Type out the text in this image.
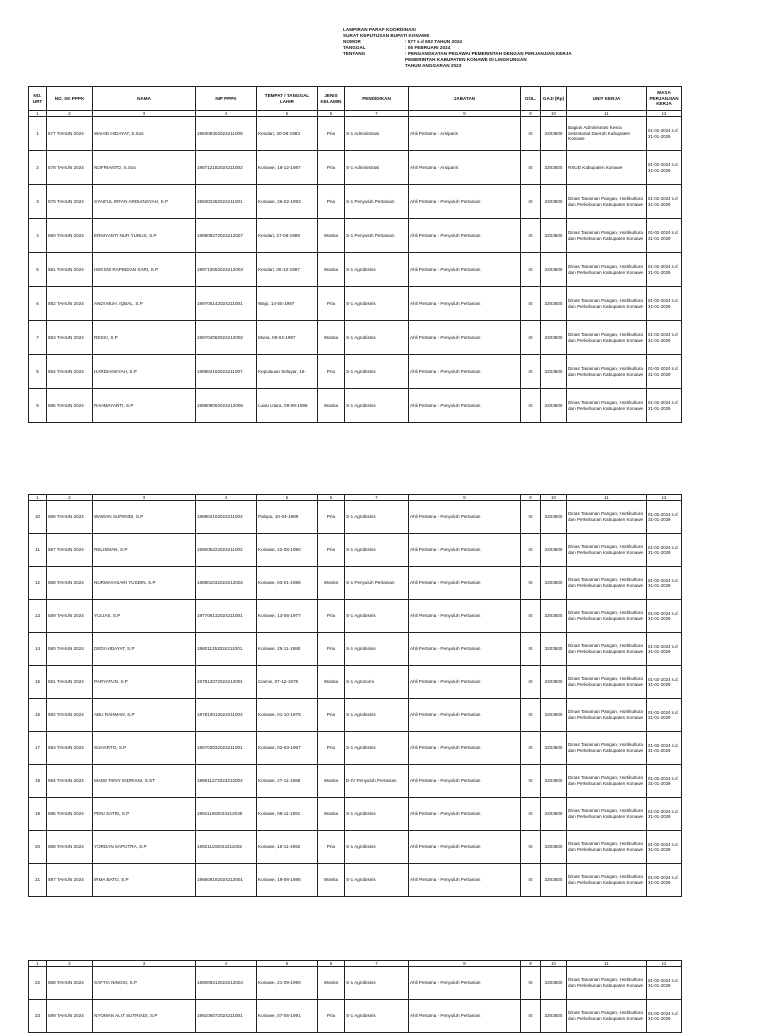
LAMPIRAN PARAF KOORDINASI
SURAT KEPUTUSAN BUPATI KONAWE
NOMOR	: 577 s.d 602 TAHUN 2024
TANGGAL	: 05 FEBRUARI 2024
TENTANG	: PENGANGKATAN PEGAWAI PEMERINTAH DENGAN PERJANJIAN KERJA
PEMERINTAH KABUPATEN KONAWE DI LINGKUNGAN
TAHUN ANGGARAN 2023
NO. URT	NO. SK PPPK	NAMA	NIP PPPK	TEMPAT / TANGGAL LAHIR	JENIS KELAMIN	PENDIDIKAN	JABATAN	GOL.	GAJI (Rp)	UNIT KERJA	MASA PERJANJIAN KERJA
1	2	3	4	5	6	7	8	9	10	11	12
1	577 TAHUN 2024	WAHID HIDAYAT, S.Sos	198308302024211008	Kendari, 30-08-1983	Pria	S-1 Administrasi	Ahli Pertama - Arsiparis	IX	3203600	Bagian Administrasi Kesra Sekretariat Daerah Kabupaten Konawe	01-02-2024 s.d 31-01-2029
2	578 TAHUN 2024	NOFRIANTO, S.Sos	198712182024211002	Konawe, 18-12-1987	Pria	S-1 Administrasi	Ahli Pertama - Arsiparis	IX	3203600	RSUD Kabupaten Konawe	01-02-2024 s.d 31-01-2029
3	579 TAHUN 2024	SYAIFUL IRFAN ARDIANSYAH, S.P	199302262024211001	Konawe, 26-02-1993	Pria	S-1 Penyuluh Pertanian	Ahli Pertama - Penyuluh Pertanian	IX	3203600	Dinas Tanaman Pangan, Hortikultura dan Perkebunan Kabupaten Konawe	01-02-2024 s.d 31-01-2029
4	580 TAHUN 2024	ERNIYANTI NUR YUNUS, S.P	198908272024212007	Kendari, 27-08-1989	Wanita	S-1 Penyuluh Pertanian	Ahli Pertama - Penyuluh Pertanian	IX	3203600	Dinas Tanaman Pangan, Hortikultura dan Perkebunan Kabupaten Konawe	01-02-2024 s.d 31-01-2029
5	581 TAHUN 2024	HEKSNI RAPINDAN SARI, S.P	199710062024212003	Kendari, 06-10-1997	Wanita	S-1 Agrobisnis	Ahli Pertama - Penyuluh Pertanian	IX	3203600	Dinas Tanaman Pangan, Hortikultura dan Perkebunan Kabupaten Konawe	01-02-2024 s.d 31-01-2029
6	582 TAHUN 2024	ANDI MUH. IQBAL, S.P	199705142024211001	Wajo, 14-05-1997	Pria	S-1 Agrobisnis	Ahli Pertama - Penyuluh Pertanian	IX	3203600	Dinas Tanaman Pangan, Hortikultura dan Perkebunan Kabupaten Konawe	01-02-2024 s.d 31-01-2029
7	583 TAHUN 2024	RESKI, S.P	199704092024212002	Muna, 09-04-1997	Wanita	S-1 Agrobisnis	Ahli Pertama - Penyuluh Pertanian	IX	3203600	Dinas Tanaman Pangan, Hortikultura dan Perkebunan Kabupaten Konawe	01-02-2024 s.d 31-01-2029
8	584 TAHUN 2024	HARDIANSYAH, S.P	198904162024211007	Kepulauan Selayar, 16-	Pria	S-1 Agrobisnis	Ahli Pertama - Penyuluh Pertanian	IX	3203600	Dinas Tanaman Pangan, Hortikultura dan Perkebunan Kabupaten Konawe	01-02-2024 s.d 31-01-2029
9	585 TAHUN 2024	RAHMAYANTI, S.P	199809092024212006	Luwu Utara, 09-09-1998	Wanita	S-1 Agrobisnis	Ahli Pertama - Penyuluh Pertanian	IX	3203600	Dinas Tanaman Pangan, Hortikultura dan Perkebunan Kabupaten Konawe	01-02-2024 s.d 31-01-2029
1	2	3	4	5	6	7	8	9	10	11	12
10	586 TAHUN 2024	WAWAN SUPENDI, S.P	198904102024211004	Palopo, 10-04-1989	Pria	S-1 Agrobisnis	Ahli Pertama - Penyuluh Pertanian	IX	3203600	Dinas Tanaman Pangan, Hortikultura dan Perkebunan Kabupaten Konawe	01-02-2024 s.d 31-01-2029
11	587 TAHUN 2024	RELISMAN, S.P	199006222024211002	Konawe, 22-06-1990	Pria	S-1 Agrobisnis	Ahli Pertama - Penyuluh Pertanian	IX	3203600	Dinas Tanaman Pangan, Hortikultura dan Perkebunan Kabupaten Konawe	01-02-2024 s.d 31-01-2029
12	588 TAHUN 2024	NURMAYASARI YUSDIN, S.P	198801032024212002	Konawe, 03-01-1988	Wanita	S-1 Penyuluh Pertanian	Ahli Pertama - Penyuluh Pertanian	IX	3203600	Dinas Tanaman Pangan, Hortikultura dan Perkebunan Kabupaten Konawe	01-02-2024 s.d 31-01-2029
13	589 TAHUN 2024	YULIAS, S.P	197706132024211001	Konawe, 13-06-1977	Pria	S-1 Agrobisnis	Ahli Pertama - Penyuluh Pertanian	IX	3203600	Dinas Tanaman Pangan, Hortikultura dan Perkebunan Kabupaten Konawe	01-02-2024 s.d 31-01-2029
14	590 TAHUN 2024	DEDI HIDAYAT, S.P	198011252024211001	Konawe, 25-11-1980	Pria	S-1 Agrobisnis	Ahli Pertama - Penyuluh Pertanian	IX	3203600	Dinas Tanaman Pangan, Hortikultura dan Perkebunan Kabupaten Konawe	01-02-2024 s.d 31-01-2029
15	591 TAHUN 2024	PARYATUN, S.P	197812072024212001	Ciamis, 07-12-1978	Wanita	S-1 Agronomi	Ahli Pertama - Penyuluh Pertanian	IX	3203600	Dinas Tanaman Pangan, Hortikultura dan Perkebunan Kabupaten Konawe	01-02-2024 s.d 31-01-2029
16	592 TAHUN 2024	ABU RAHMAN, S.P	197810012024211004	Konawe, 01-10-1978	Pria	S-1 Agrobisnis	Ahli Pertama - Penyuluh Pertanian	IX	3203600	Dinas Tanaman Pangan, Hortikultura dan Perkebunan Kabupaten Konawe	01-02-2024 s.d 31-01-2029
17	593 TAHUN 2024	SUHARTO, S.P	196703032024211001	Konawe, 03-03-1967	Pria	S-1 Agrobisnis	Ahli Pertama - Penyuluh Pertanian	IX	3203600	Dinas Tanaman Pangan, Hortikultura dan Perkebunan Kabupaten Konawe	01-02-2024 s.d 31-01-2029
18	594 TAHUN 2024	MADE FENY INDRIANI, S.ST	198611272024212004	Konawe, 27-11-1986	Wanita	D-IV Penyuluh Pertanian	Ahli Pertama - Penyuluh Pertanian	IX	3203600	Dinas Tanaman Pangan, Hortikultura dan Perkebunan Kabupaten Konawe	01-02-2024 s.d 31-01-2029
19	595 TAHUN 2024	PENI SATRI, S.P	199111082024212030	Konawe, 08-11-1991	Wanita	S-1 Agrobisnis	Ahli Pertama - Penyuluh Pertanian	IX	3203600	Dinas Tanaman Pangan, Hortikultura dan Perkebunan Kabupaten Konawe	01-02-2024 s.d 31-01-2029
20	596 TAHUN 2024	YORDAN SAPUTRA, S.P	199211192024211002	Konawe, 19-11-1992	Pria	S-1 Agrobisnis	Ahli Pertama - Penyuluh Pertanian	IX	3203600	Dinas Tanaman Pangan, Hortikultura dan Perkebunan Kabupaten Konawe	01-02-2024 s.d 31-01-2029
21	597 TAHUN 2024	IRMA BATO, S.P	198608192024212001	Konawe, 19-08-1986	Wanita	S-1 Agrobisnis	Ahli Pertama - Penyuluh Pertanian	IX	3203600	Dinas Tanaman Pangan, Hortikultura dan Perkebunan Kabupaten Konawe	01-02-2024 s.d 31-01-2029
1	2	3	4	5	6	7	8	9	10	11	12
22	598 TAHUN 2024	SAFTIA NINGSI, S.P	199009212024212004	Konawe, 21-09-1990	Wanita	S-1 Agrobisnis	Ahli Pertama - Penyuluh Pertanian	IX	3203600	Dinas Tanaman Pangan, Hortikultura dan Perkebunan Kabupaten Konawe	01-02-2024 s.d 31-01-2029
23	599 TAHUN 2024	NYOMAN ALIT SUTRIADI, S.P	199106072024211001	Konawe, 07-06-1991	Pria	S-1 Agrobisnis	Ahli Pertama - Penyuluh Pertanian	IX	3203600	Dinas Tanaman Pangan, Hortikultura dan Perkebunan Kabupaten Konawe	01-02-2024 s.d 31-01-2029
